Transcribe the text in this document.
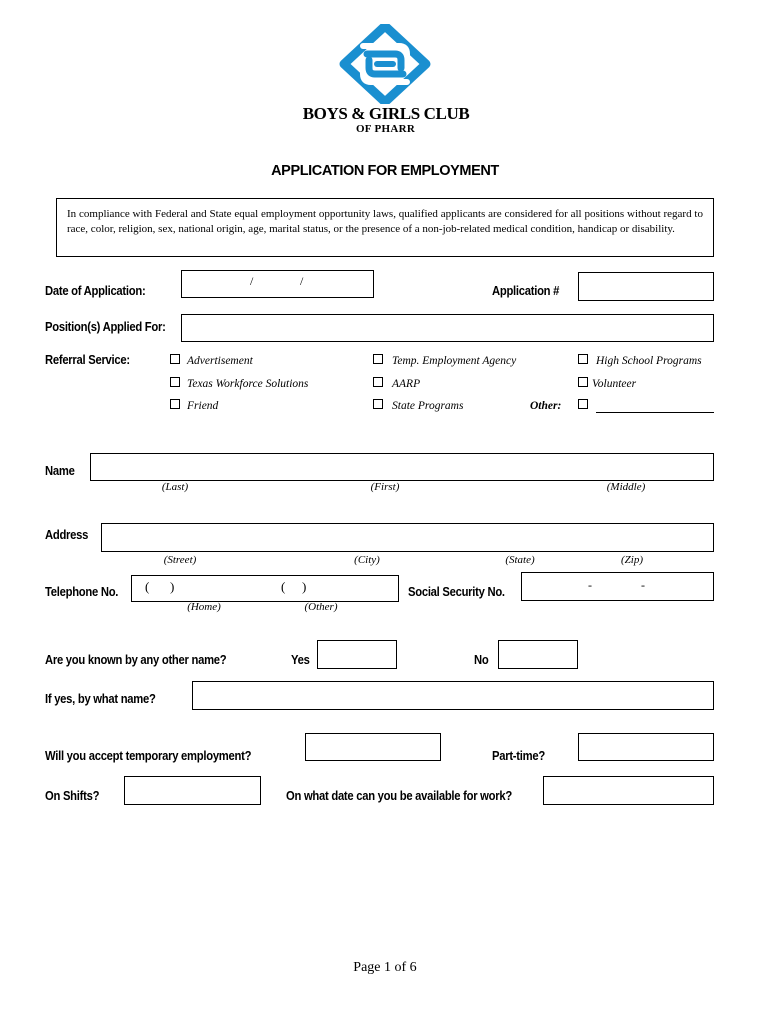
BOYS & GIRLS CLUB
OF PHARR
APPLICATION FOR EMPLOYMENT
In compliance with Federal and State equal employment opportunity laws, qualified applicants are considered for all positions without regard to race, color, religion, sex, national origin, age, marital status, or the presence of a non-job-related medical condition, handicap or disability.
Date of Application:
/	/
Application #
Position(s) Applied For:
Referral Service:	Advertisement	Temp. Employment Agency	High School Programs
Texas Workforce Solutions	AARP	Volunteer
Friend	State Programs	Other:
Name
(Last)	(First)	(Middle)
Address
(Street)	(City)	(State)	(Zip)
Telephone No. ( )	( )
(Home)	(Other)
Social Security No.	-	-
Are you known by any other name?	Yes	No
If yes, by what name?
Will you accept temporary employment?	Part-time?
On Shifts?	On what date can you be available for work?
Page 1 of 6
